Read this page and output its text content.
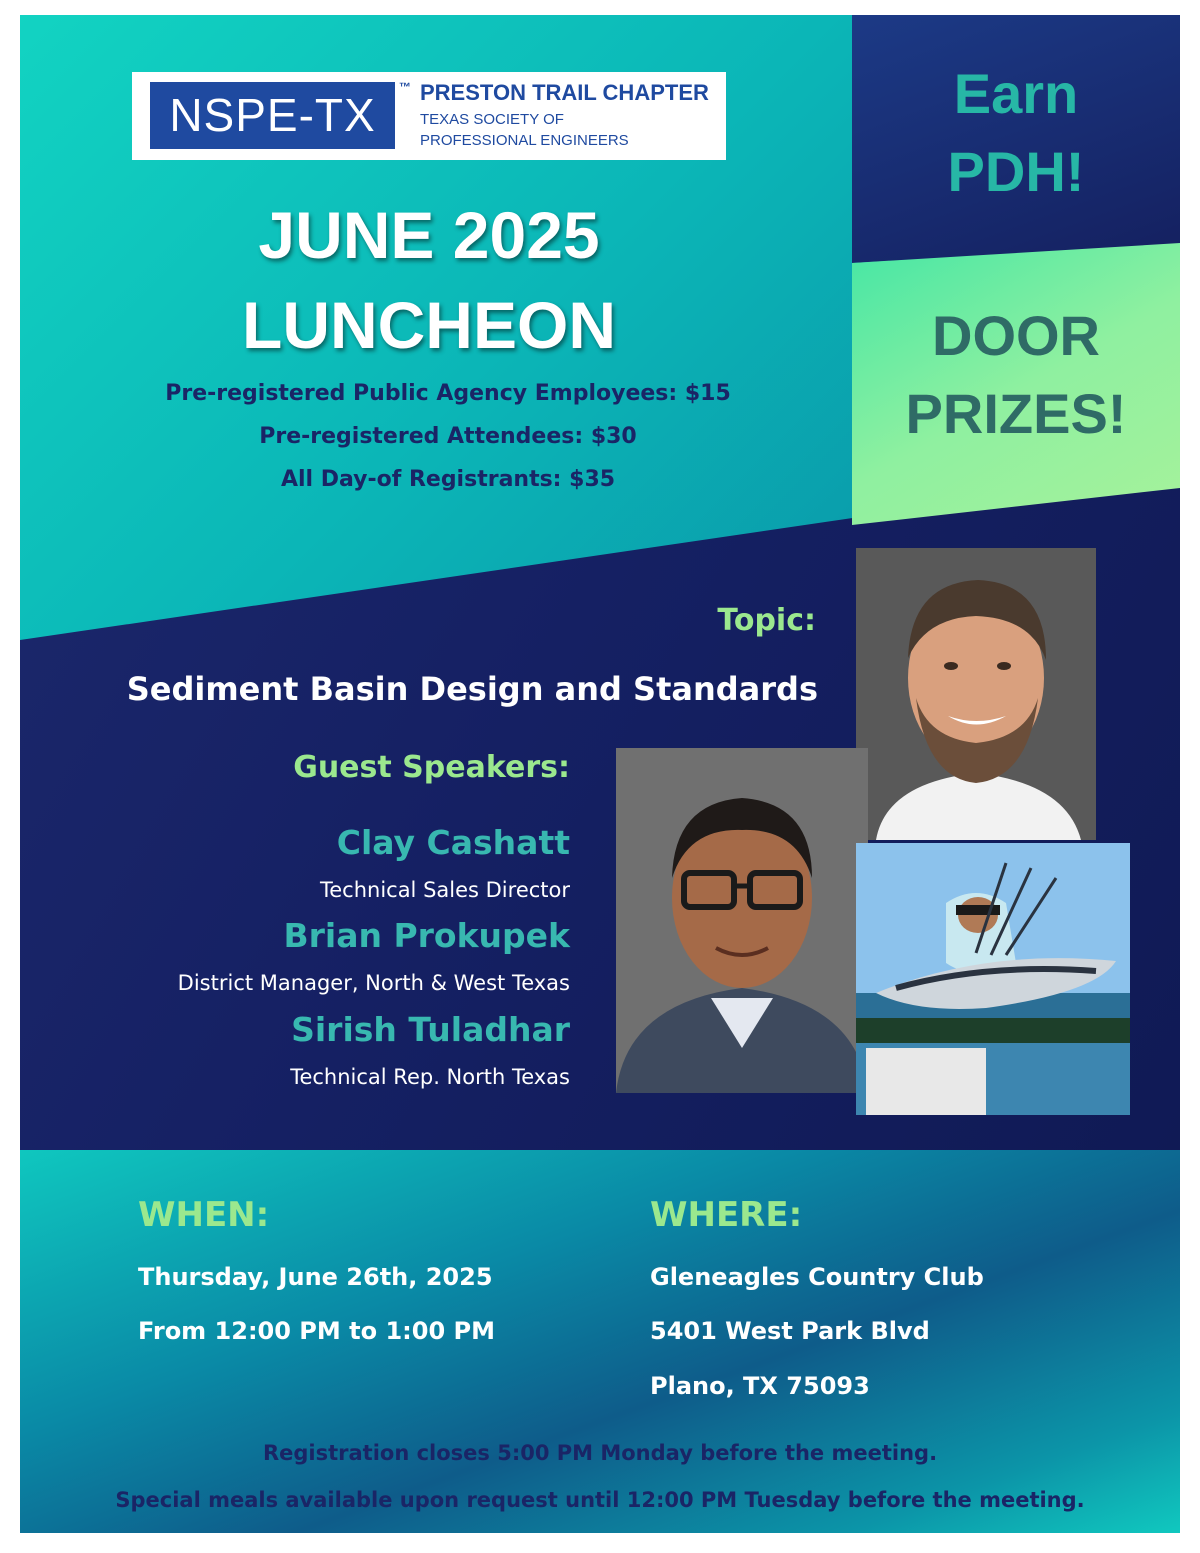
Earn
PDH!
DOOR
PRIZES!
NSPE-TX
™ PRESTON TRAIL CHAPTER
TEXAS SOCIETY OF
PROFESSIONAL ENGINEERS
JUNE 2025
LUNCHEON
Pre-registered Public Agency Employees: $15
Pre-registered Attendees: $30
All Day-of Registrants: $35
Topic:
Sediment Basin Design and Standards
Guest Speakers:
Clay Cashatt
Technical Sales Director
Brian Prokupek
District Manager, North & West Texas
Sirish Tuladhar
Technical Rep. North Texas
WHEN:
Thursday, June 26th, 2025
From 12:00 PM to 1:00 PM
WHERE:
Gleneagles Country Club
5401 West Park Blvd
Plano, TX 75093
Registration closes 5:00 PM Monday before the meeting.
Special meals available upon request until 12:00 PM Tuesday before the meeting.
